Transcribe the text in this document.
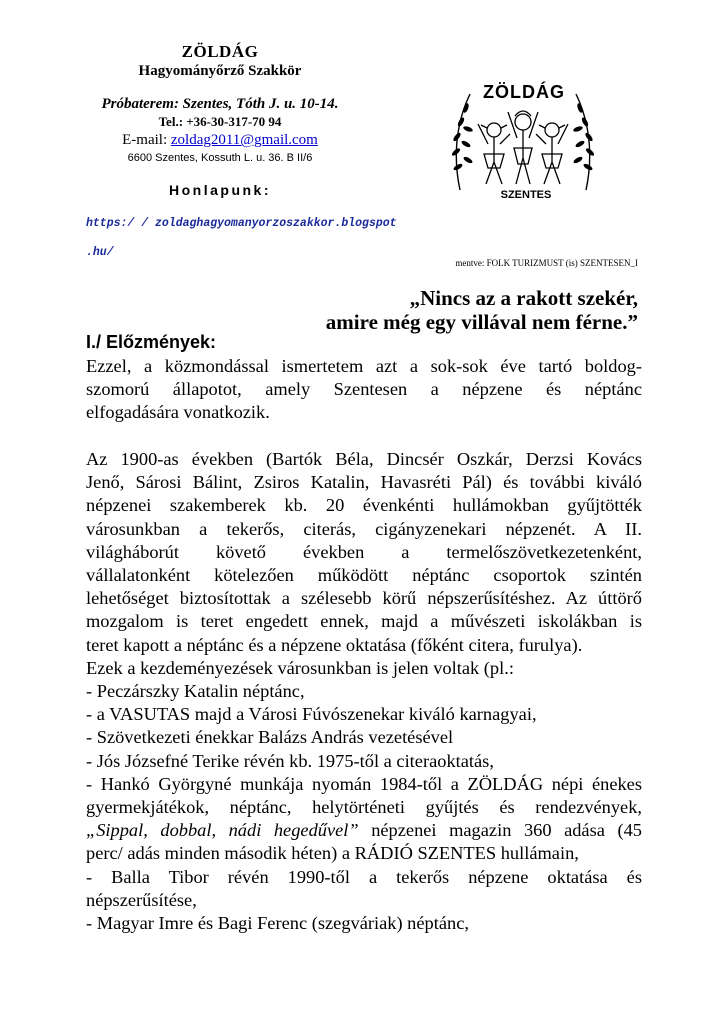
ZÖLDÁG
Hagyományőrző Szakkör
Próbaterem: Szentes, Tóth J. u. 10-14.
Tel.: +36-30-317-70 94
E-mail: zoldag2011@gmail.com
6600 Szentes, Kossuth L. u. 36. B II/6
Honlapunk:
https:/ / zoldaghagyomanyorzoszakkor.blogspot
.hu/
mentve: FOLK TURIZMUST (is) SZENTESEN_I
ZÖLDÁG
SZENTES
„Nincs az a rakott szekér,
amire még egy villával nem férne.”
I./ Előzmények:
Ezzel, a közmondással ismertetem azt a sok-sok éve tartó boldog-
szomorú állapotot, amely Szentesen a népzene és néptánc
elfogadására vonatkozik.
Az 1900-as években (Bartók Béla, Dincsér Oszkár, Derzsi Kovács
Jenő, Sárosi Bálint, Zsiros Katalin, Havasréti Pál) és további kiváló
népzenei szakemberek kb. 20 évenkénti hullámokban gyűjtötték
városunkban a tekerős, citerás, cigányzenekari népzenét. A II.
világháborút követő években a termelőszövetkezetenként,
vállalatonként kötelezően működött néptánc csoportok szintén
lehetőséget biztosítottak a szélesebb körű népszerűsítéshez. Az úttörő
mozgalom is teret engedett ennek, majd a művészeti iskolákban is
teret kapott a néptánc és a népzene oktatása (főként citera, furulya).
Ezek a kezdeményezések városunkban is jelen voltak (pl.:
- Peczárszky Katalin néptánc,
- a VASUTAS majd a Városi Fúvószenekar kiváló karnagyai,
- Szövetkezeti énekkar Balázs András vezetésével
- Jós Józsefné Terike révén kb. 1975-től a citeraoktatás,
- Hankó Györgyné munkája nyomán 1984-től a ZÖLDÁG népi énekes
gyermekjátékok, néptánc, helytörténeti gyűjtés és rendezvények,
„Sippal, dobbal, nádi hegedűvel” népzenei magazin 360 adása (45
perc/ adás minden második héten) a RÁDIÓ SZENTES hullámain,
- Balla Tibor révén 1990-től a tekerős népzene oktatása és
népszerűsítése,
- Magyar Imre és Bagi Ferenc (szegváriak) néptánc,
